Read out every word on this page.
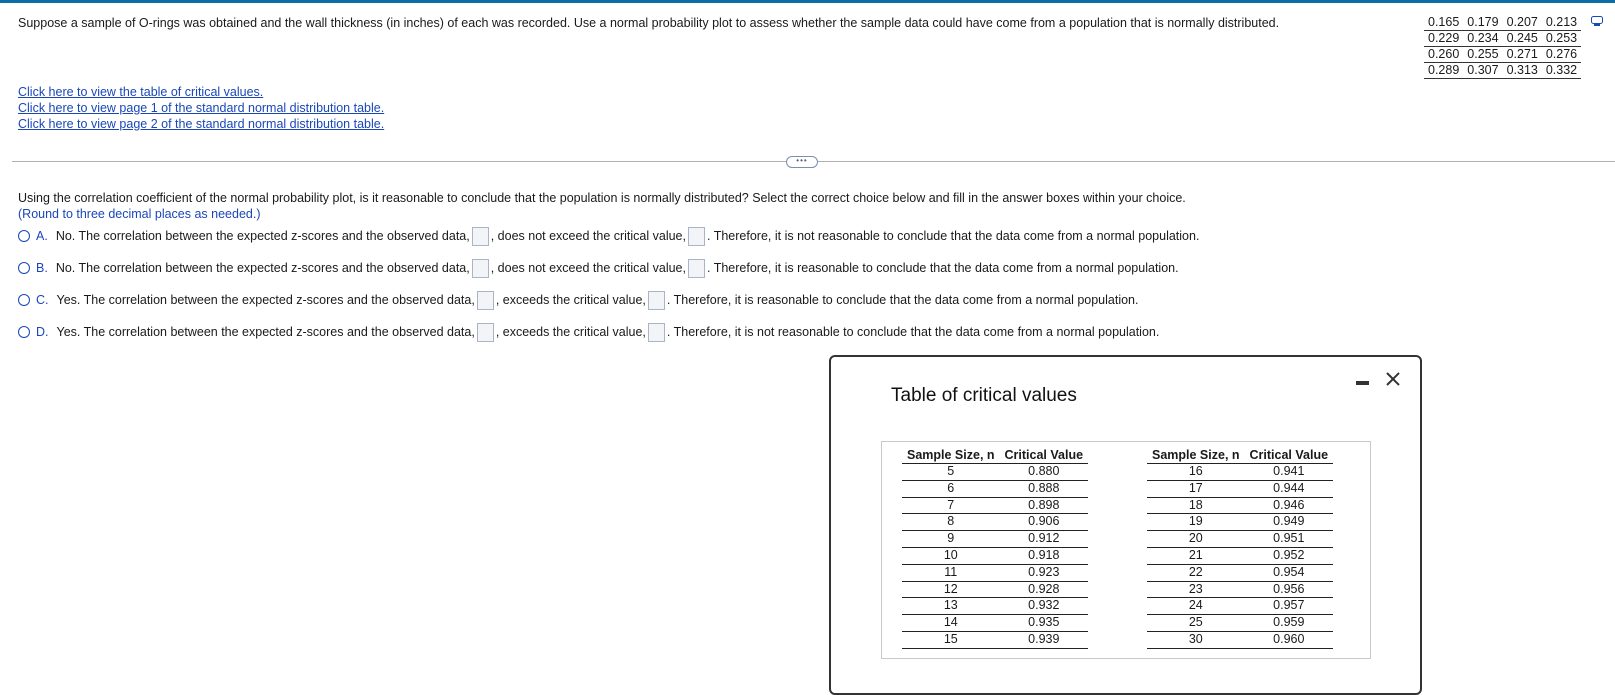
Suppose a sample of O-rings was obtained and the wall thickness (in inches) of each was recorded. Use a normal probability plot to assess whether the sample data could have come from a population that is normally distributed.	0.165	0.179	0.207	0.213
0.229	0.234	0.245	0.253
0.260	0.255	0.271	0.276
0.289	0.307	0.313	0.332
Click here to view the table of critical values.
Click here to view page 1 of the standard normal distribution table.
Click here to view page 2 of the standard normal distribution table.
•••
Using the correlation coefficient of the normal probability plot, is it reasonable to conclude that the population is normally distributed? Select the correct choice below and fill in the answer boxes within your choice.
(Round to three decimal places as needed.)
A. No. The correlation between the expected z-scores and the observed data, , does not exceed the critical value, . Therefore, it is not reasonable to conclude that the data come from a normal population.
B. No. The correlation between the expected z-scores and the observed data, , does not exceed the critical value, . Therefore, it is reasonable to conclude that the data come from a normal population.
C. Yes. The correlation between the expected z-scores and the observed data, , exceeds the critical value, . Therefore, it is reasonable to conclude that the data come from a normal population.
D. Yes. The correlation between the expected z-scores and the observed data, , exceeds the critical value, . Therefore, it is not reasonable to conclude that the data come from a normal population.
Table of critical values
Sample Size, n	Critical Value
5	0.880
6	0.888
7	0.898
8	0.906
9	0.912
10	0.918
11	0.923
12	0.928
13	0.932
14	0.935
15	0.939
Sample Size, n	Critical Value
16	0.941
17	0.944
18	0.946
19	0.949
20	0.951
21	0.952
22	0.954
23	0.956
24	0.957
25	0.959
30	0.960
